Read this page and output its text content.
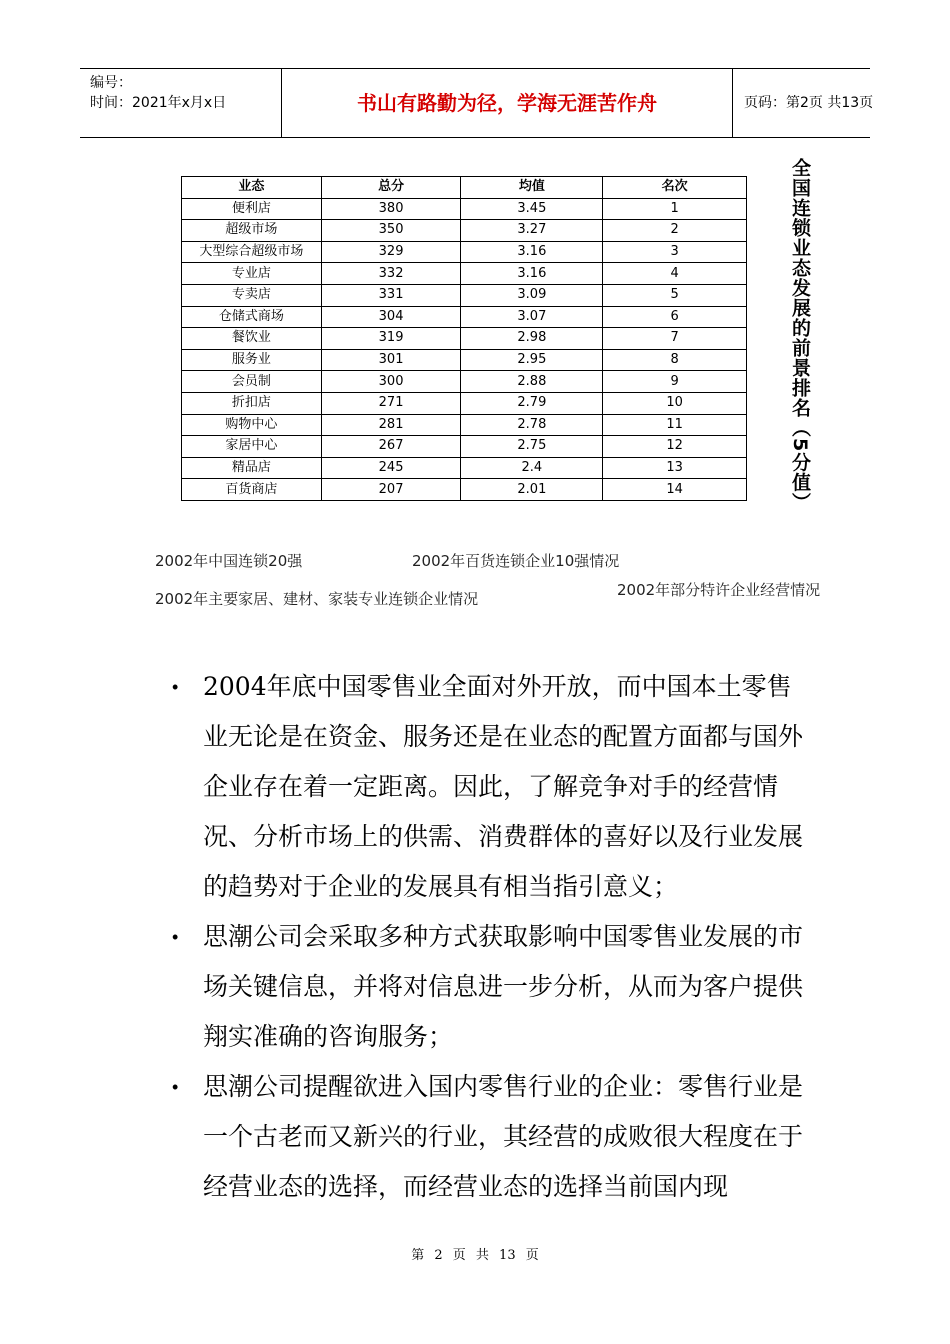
编号：
时间：2021年x月x日	书山有路勤为径，学海无涯苦作舟	页码：第2页 共13页
业态	总分	均值	名次
便利店	380	3.45	1
超级市场	350	3.27	2
大型综合超级市场	329	3.16	3
专业店	332	3.16	4
专卖店	331	3.09	5
仓储式商场	304	3.07	6
餐饮业	319	2.98	7
服务业	301	2.95	8
会员制	300	2.88	9
折扣店	271	2.79	10
购物中心	281	2.78	11
家居中心	267	2.75	12
精品店	245	2.4	13
百货商店	207	2.01	14	全国连锁业态发展的前景排名（5分值）
2002年中国连锁20强	2002年百货连锁企业10强情况
2002年主要家居、建材、家装专业连锁企业情况	2002年部分特许企业经营情况
• 2004年底中国零售业全面对外开放，而中国本土零售业无论是在资金、服务还是在业态的配置方面都与国外企业存在着一定距离。因此，了解竞争对手的经营情况、分析市场上的供需、消费群体的喜好以及行业发展的趋势对于企业的发展具有相当指引意义；
• 思潮公司会采取多种方式获取影响中国零售业发展的市场关键信息，并将对信息进一步分析，从而为客户提供翔实准确的咨询服务；
• 思潮公司提醒欲进入国内零售行业的企业：零售行业是一个古老而又新兴的行业，其经营的成败很大程度在于经营业态的选择，而经营业态的选择当前国内现
第 2 页 共 13 页
